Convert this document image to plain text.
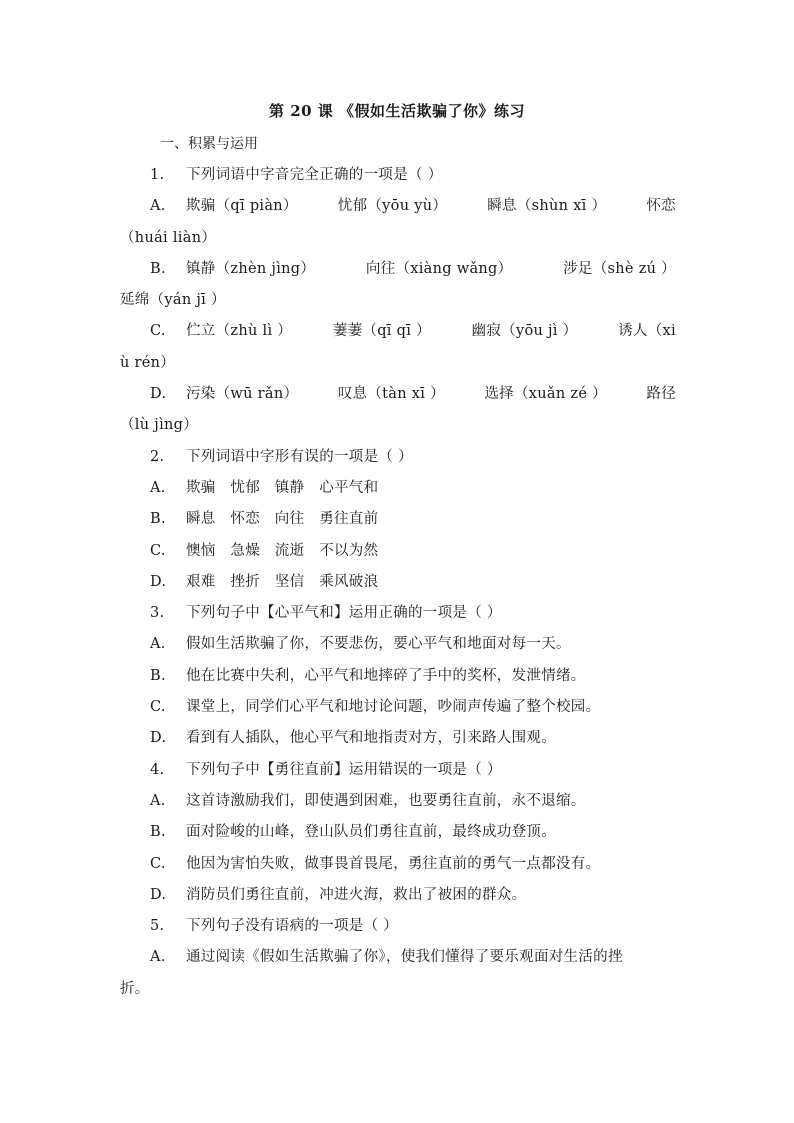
第 20 课 《假如生活欺骗了你》练习
一、积累与运用
1. 下列词语中字音完全正确的一项是（ ）
A. 欺骗（qī piàn）	忧郁（yōu yù）	瞬息（shùn xī ）	怀恋
（huái liàn）
B. 镇静（zhèn jìng）	向往（xiàng wǎng）	涉足（shè zú ）
延绵（yán jī ）
C. 伫立（zhù lì ）	萋萋（qī qī ）	幽寂（yōu jì ）	诱人（xi
ù rén）
D. 污染（wū rǎn）	叹息（tàn xī ）	选择（xuǎn zé ）	路径
（lù jìng）
2. 下列词语中字形有误的一项是（ ）
A. 欺骗　忧郁　镇静　心平气和
B. 瞬息　怀恋　向往　勇往直前
C. 懊恼　急燥　流逝　不以为然
D. 艰难　挫折　坚信　乘风破浪
3. 下列句子中【心平气和】运用正确的一项是（ ）
A. 假如生活欺骗了你，不要悲伤，要心平气和地面对每一天。
B. 他在比赛中失利，心平气和地摔碎了手中的奖杯，发泄情绪。
C. 课堂上，同学们心平气和地讨论问题，吵闹声传遍了整个校园。
D. 看到有人插队，他心平气和地指责对方，引来路人围观。
4. 下列句子中【勇往直前】运用错误的一项是（ ）
A. 这首诗激励我们，即使遇到困难，也要勇往直前，永不退缩。
B. 面对险峻的山峰，登山队员们勇往直前，最终成功登顶。
C. 他因为害怕失败，做事畏首畏尾，勇往直前的勇气一点都没有。
D. 消防员们勇往直前，冲进火海，救出了被困的群众。
5. 下列句子没有语病的一项是（ ）
A. 通过阅读《假如生活欺骗了你》，使我们懂得了要乐观面对生活的挫
折。
